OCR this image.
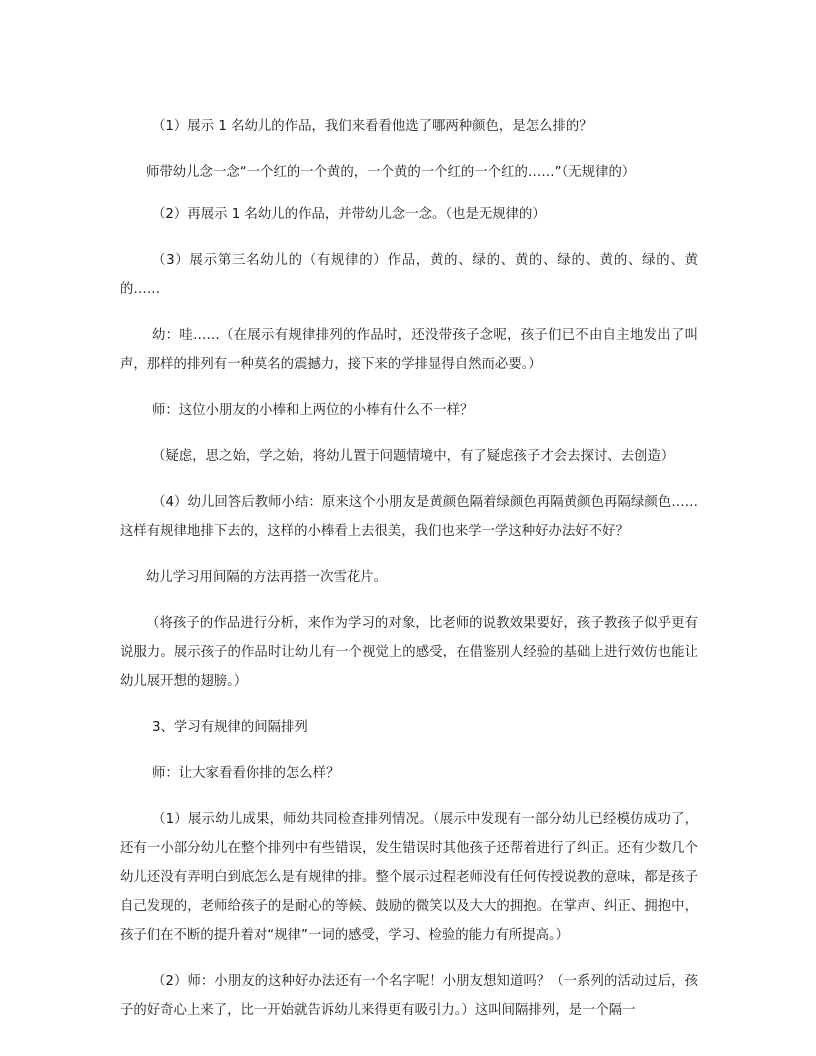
（1）展示 1 名幼儿的作品，我们来看看他选了哪两种颜色，是怎么排的？

师带幼儿念一念“一个红的一个黄的，一个黄的一个红的一个红的……”（无规律的）

（2）再展示 1 名幼儿的作品，并带幼儿念一念。（也是无规律的）

（3）展示第三名幼儿的（有规律的）作品，黄的、绿的、黄的、绿的、黄的、绿的、黄的……

幼：哇……（在展示有规律排列的作品时，还没带孩子念呢，孩子们已不由自主地发出了叫声，那样的排列有一种莫名的震撼力，接下来的学排显得自然而必要。）

师：这位小朋友的小棒和上两位的小棒有什么不一样？

（疑虑，思之始，学之始，将幼儿置于问题情境中，有了疑虑孩子才会去探讨、去创造）

（4）幼儿回答后教师小结：原来这个小朋友是黄颜色隔着绿颜色再隔黄颜色再隔绿颜色……这样有规律地排下去的，这样的小棒看上去很美，我们也来学一学这种好办法好不好？

幼儿学习用间隔的方法再搭一次雪花片。

（将孩子的作品进行分析，来作为学习的对象，比老师的说教效果要好，孩子教孩子似乎更有说服力。展示孩子的作品时让幼儿有一个视觉上的感受，在借鉴别人经验的基础上进行效仿也能让幼儿展开想的翅膀。）

3、学习有规律的间隔排列

师：让大家看看你排的怎么样？

（1）展示幼儿成果，师幼共同检查排列情况。（展示中发现有一部分幼儿已经模仿成功了，还有一小部分幼儿在整个排列中有些错误，发生错误时其他孩子还帮着进行了纠正。还有少数几个幼儿还没有弄明白到底怎么是有规律的排。整个展示过程老师没有任何传授说教的意味，都是孩子自己发现的，老师给孩子的是耐心的等候、鼓励的微笑以及大大的拥抱。在掌声、纠正、拥抱中，孩子们在不断的提升着对“规律”一词的感受，学习、检验的能力有所提高。）

（2）师：小朋友的这种好办法还有一个名字呢！小朋友想知道吗？（一系列的活动过后，孩子的好奇心上来了，比一开始就告诉幼儿来得更有吸引力。）这叫间隔排列，是一个隔一
